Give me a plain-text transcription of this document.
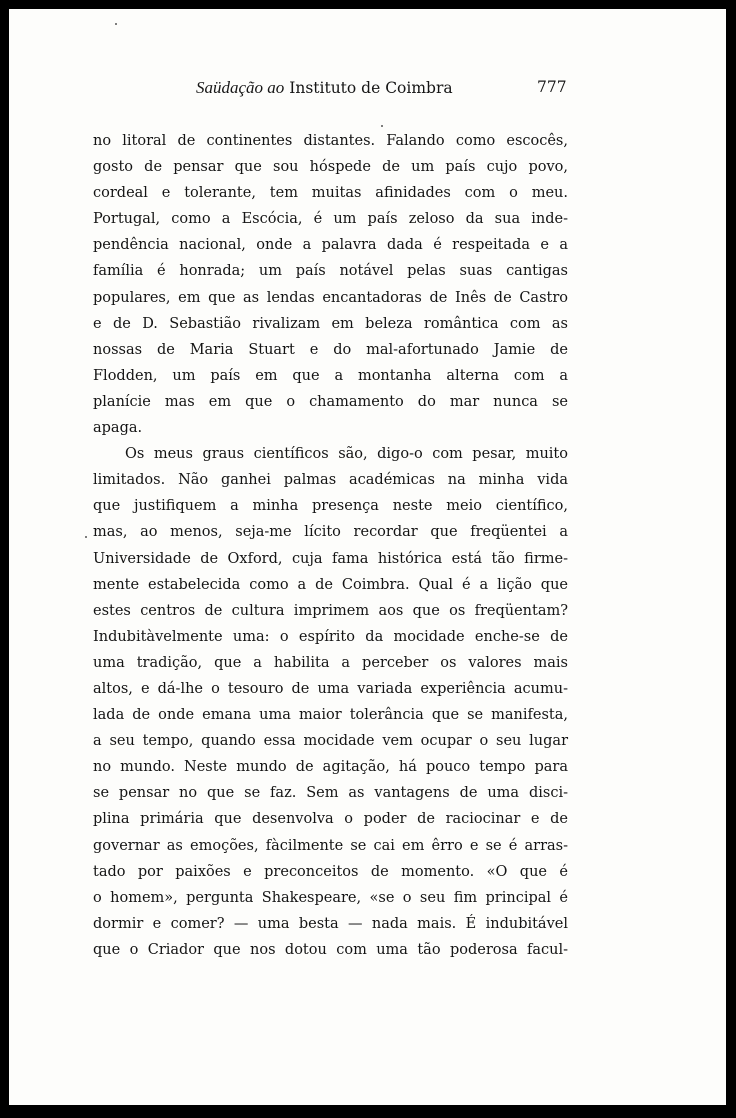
Saüdação ao Instituto de Coimbra	777
no litoral de continentes distantes. Falando como escocês,
gosto de pensar que sou hóspede de um país cujo povo,
cordeal e tolerante, tem muitas afinidades com o meu.
Portugal, como a Escócia, é um país zeloso da sua inde-
pendência nacional, onde a palavra dada é respeitada e a
família é honrada; um país notável pelas suas cantigas
populares, em que as lendas encantadoras de Inês de Castro
e de D. Sebastião rivalizam em beleza romântica com as
nossas de Maria Stuart e do mal-afortunado Jamie de
Flodden, um país em que a montanha alterna com a
planície mas em que o chamamento do mar nunca se
apaga.
Os meus graus científicos são, digo-o com pesar, muito
limitados. Não ganhei palmas académicas na minha vida
que justifiquem a minha presença neste meio científico,
mas, ao menos, seja-me lícito recordar que freqüentei a
Universidade de Oxford, cuja fama histórica está tão firme-
mente estabelecida como a de Coimbra. Qual é a lição que
estes centros de cultura imprimem aos que os freqüentam?
Indubitàvelmente uma: o espírito da mocidade enche-se de
uma tradição, que a habilita a perceber os valores mais
altos, e dá-lhe o tesouro de uma variada experiência acumu-
lada de onde emana uma maior tolerância que se manifesta,
a seu tempo, quando essa mocidade vem ocupar o seu lugar
no mundo. Neste mundo de agitação, há pouco tempo para
se pensar no que se faz. Sem as vantagens de uma disci-
plina primária que desenvolva o poder de raciocinar e de
governar as emoções, fàcilmente se cai em êrro e se é arras-
tado por paixões e preconceitos de momento. «O que é
o homem», pergunta Shakespeare, «se o seu fim principal é
dormir e comer? — uma besta — nada mais. É indubitável
que o Criador que nos dotou com uma tão poderosa facul-
